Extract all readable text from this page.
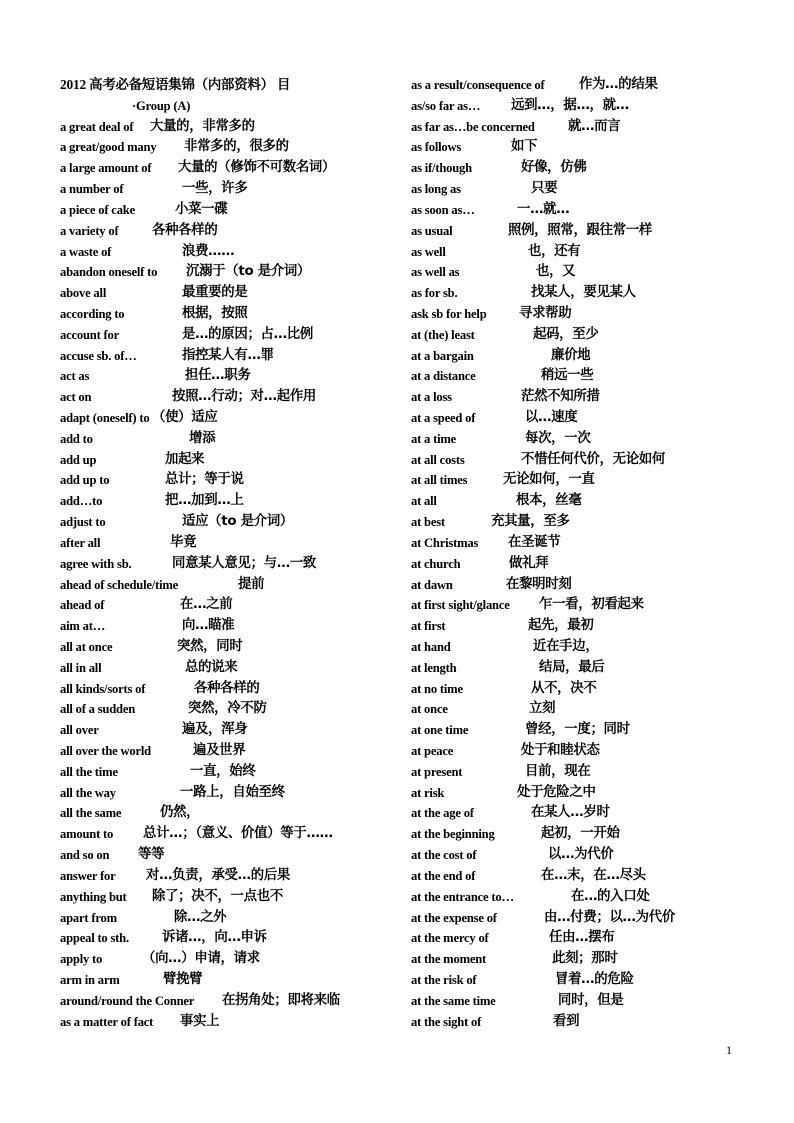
2012 高考必备短语集锦（内部资料） 目
·Group (A)
a great deal of 大量的，非常多的
a great/good many 非常多的，很多的
a large amount of 大量的（修饰不可数名词）
a number of	一些，许多
a piece of cake	小菜一碟
a variety of	各种各样的
a waste of	浪费……
abandon oneself to 沉溺于（to 是介词）
above all	最重要的是
according to	根据，按照
account for	是…的原因；占…比例
accuse sb. of…	指控某人有…罪
act as	担任…职务
act on	按照…行动；对…起作用
adapt (oneself) to （使）适应
add to	增添
add up	加起来
add up to	总计；等于说
add…to	把…加到…上
adjust to	适应（to 是介词）
after all	毕竟
agree with sb.	同意某人意见；与…一致
ahead of schedule/time	提前
ahead of	在…之前
aim at…	向…瞄准
all at once	突然，同时
all in all	总的说来
all kinds/sorts of	各种各样的
all of a sudden	突然，冷不防
all over	遍及，浑身
all over the world	遍及世界
all the time	一直，始终
all the way	一路上，自始至终
all the same	仍然，
amount to 总计…；（意义、价值）等于……
and so on 等等
answer for 对…负责，承受…的后果
anything but 除了；决不，一点也不
apart from	除…之外
appeal to sth. 诉诸…，向…申诉
apply to	（向…）申请，请求
arm in arm	臂挽臂
around/round the Conner 在拐角处；即将来临
as a matter of fact 事实上
as a result/consequence of	作为…的结果
as/so far as… 远到…，据…，就…
as far as…be concerned 就…而言
as follows	如下
as if/though	好像，仿佛
as long as	只要
as soon as…	一…就…
as usual	照例，照常，跟往常一样
as well	也，还有
as well as	也，又
as for sb.	找某人，要见某人
ask sb for help 寻求帮助
at (the) least	起码，至少
at a bargain	廉价地
at a distance	稍远一些
at a loss	茫然不知所措
at a speed of	以…速度
at a time	每次，一次
at all costs	不惜任何代价，无论如何
at all times	无论如何，一直
at all	根本，丝毫
at best	充其量，至多
at Christmas 在圣诞节
at church	做礼拜
at dawn	在黎明时刻
at first sight/glance 乍一看，初看起来
at first	起先，最初
at hand	近在手边，
at length	结局，最后
at no time	从不，决不
at once	立刻
at one time	曾经，一度；同时
at peace	处于和睦状态
at present	目前，现在
at risk	处于危险之中
at the age of	在某人…岁时
at the beginning	起初，一开始
at the cost of	以…为代价
at the end of	在…末，在…尽头
at the entrance to…	在…的入口处
at the expense of	由…付费；以…为代价
at the mercy of	任由…摆布
at the moment	此刻；那时
at the risk of	冒着…的危险
at the same time	同时，但是
at the sight of	看到
1
